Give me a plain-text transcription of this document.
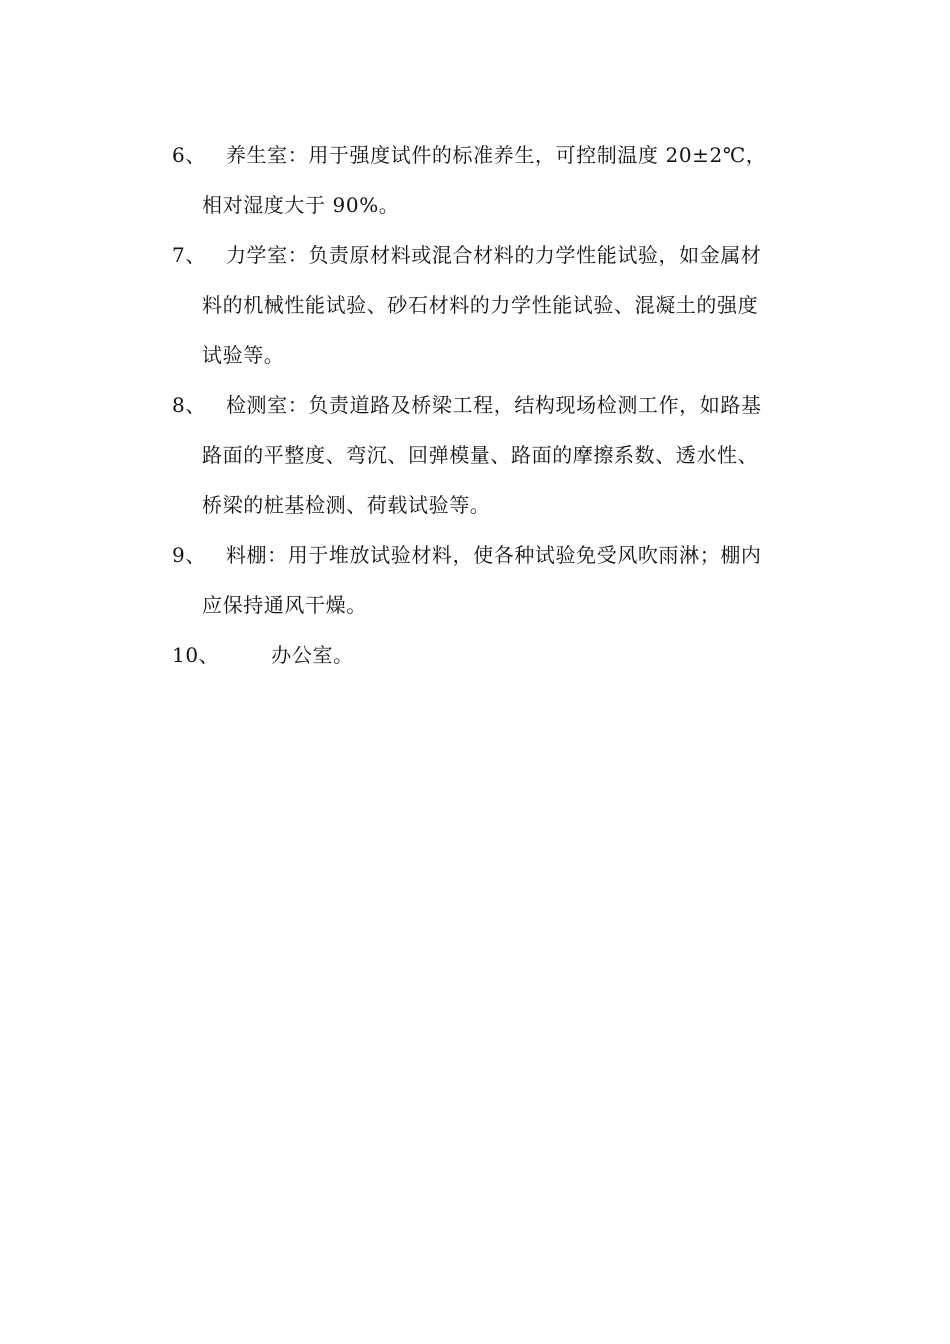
6、 养生室：用于强度试件的标准养生，可控制温度 20±2℃，
相对湿度大于 90%。
7、 力学室：负责原材料或混合材料的力学性能试验，如金属材
料的机械性能试验、砂石材料的力学性能试验、混凝土的强度
试验等。
8、 检测室：负责道路及桥梁工程，结构现场检测工作，如路基
路面的平整度、弯沉、回弹模量、路面的摩擦系数、透水性、
桥梁的桩基检测、荷载试验等。
9、 料棚：用于堆放试验材料，使各种试验免受风吹雨淋；棚内
应保持通风干燥。
10、	办公室。
